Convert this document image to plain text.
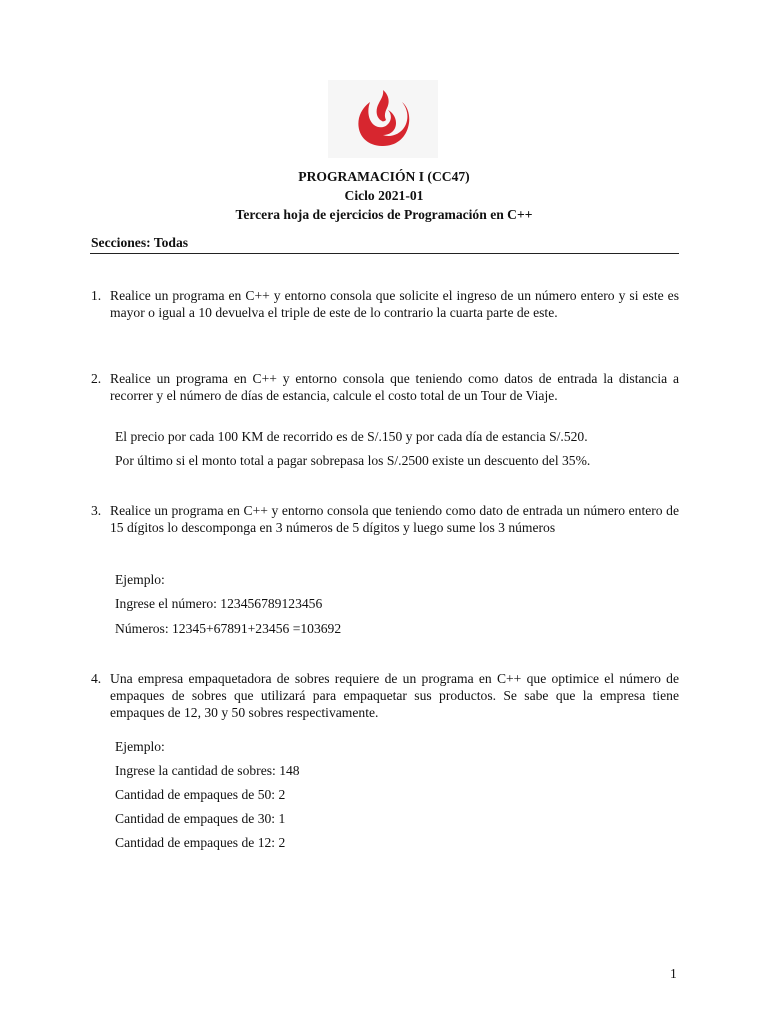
PROGRAMACIÓN I (CC47)
Ciclo 2021-01
Tercera hoja de ejercicios de Programación en C++
Secciones: Todas
1. Realice un programa en C++ y entorno consola que solicite el ingreso de un número entero y si este es mayor o igual a 10 devuelva el triple de este de lo contrario la cuarta parte de este.
2. Realice un programa en C++ y entorno consola que teniendo como datos de entrada la distancia a recorrer y el número de días de estancia, calcule el costo total de un Tour de Viaje.
El precio por cada 100 KM de recorrido es de S/.150 y por cada día de estancia S/.520.
Por último si el monto total a pagar sobrepasa los S/.2500 existe un descuento del 35%.
3. Realice un programa en C++ y entorno consola que teniendo como dato de entrada un número entero de 15 dígitos lo descomponga en 3 números de 5 dígitos y luego sume los 3 números
Ejemplo:
Ingrese el número: 123456789123456
Números: 12345+67891+23456 =103692
4. Una empresa empaquetadora de sobres requiere de un programa en C++ que optimice el número de empaques de sobres que utilizará para empaquetar sus productos. Se sabe que la empresa tiene empaques de 12, 30 y 50 sobres respectivamente.
Ejemplo:
Ingrese la cantidad de sobres: 148
Cantidad de empaques de 50: 2
Cantidad de empaques de 30: 1
Cantidad de empaques de 12: 2
1
